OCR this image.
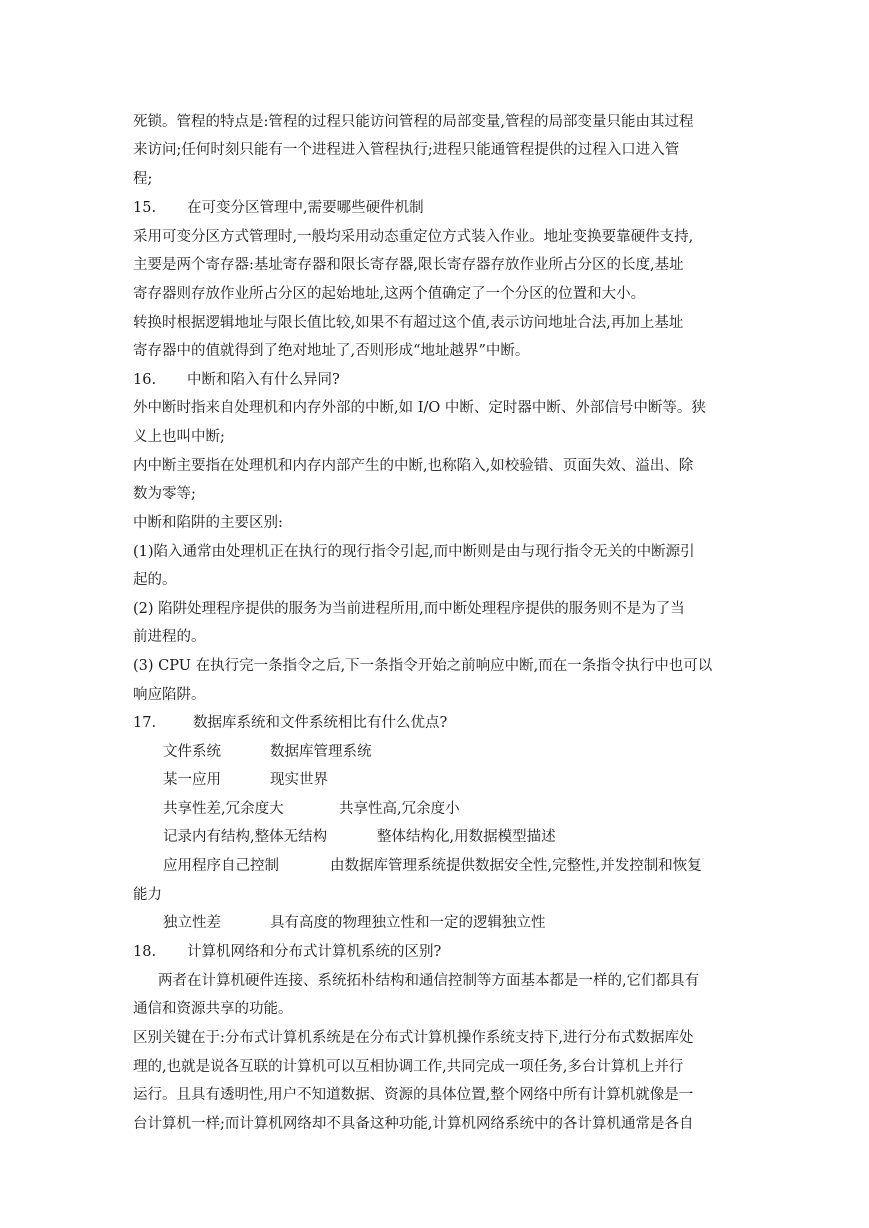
死锁。管程的特点是:管程的过程只能访问管程的局部变量,管程的局部变量只能由其过程
来访问;任何时刻只能有一个进程进入管程执行;进程只能通管程提供的过程入口进入管
程;
15. 在可变分区管理中,需要哪些硬件机制
采用可变分区方式管理时,一般均采用动态重定位方式装入作业。地址变换要靠硬件支持,
主要是两个寄存器:基址寄存器和限长寄存器,限长寄存器存放作业所占分区的长度,基址
寄存器则存放作业所占分区的起始地址,这两个值确定了一个分区的位置和大小。
转换时根据逻辑地址与限长值比较,如果不有超过这个值,表示访问地址合法,再加上基址
寄存器中的值就得到了绝对地址了,否则形成“地址越界”中断。
16. 中断和陷入有什么异同?
外中断时指来自处理机和内存外部的中断,如 I/O 中断、定时器中断、外部信号中断等。狭
义上也叫中断;
内中断主要指在处理机和内存内部产生的中断,也称陷入,如校验错、页面失效、溢出、除
数为零等;
中断和陷阱的主要区别:
(1)陷入通常由处理机正在执行的现行指令引起,而中断则是由与现行指令无关的中断源引
起的。
(2) 陷阱处理程序提供的服务为当前进程所用,而中断处理程序提供的服务则不是为了当
前进程的。
(3) CPU 在执行完一条指令之后,下一条指令开始之前响应中断,而在一条指令执行中也可以
响应陷阱。
17.	数据库系统和文件系统相比有什么优点?
文件系统	数据库管理系统
某一应用	现实世界
共享性差,冗余度大	共享性高,冗余度小
记录内有结构,整体无结构	整体结构化,用数据模型描述
应用程序自己控制	由数据库管理系统提供数据安全性,完整性,并发控制和恢复
能力
独立性差	具有高度的物理独立性和一定的逻辑独立性
18. 计算机网络和分布式计算机系统的区别?
两者在计算机硬件连接、系统拓朴结构和通信控制等方面基本都是一样的,它们都具有
通信和资源共享的功能。
区别关键在于:分布式计算机系统是在分布式计算机操作系统支持下,进行分布式数据库处
理的,也就是说各互联的计算机可以互相协调工作,共同完成一项任务,多台计算机上并行
运行。且具有透明性,用户不知道数据、资源的具体位置,整个网络中所有计算机就像是一
台计算机一样;而计算机网络却不具备这种功能,计算机网络系统中的各计算机通常是各自
